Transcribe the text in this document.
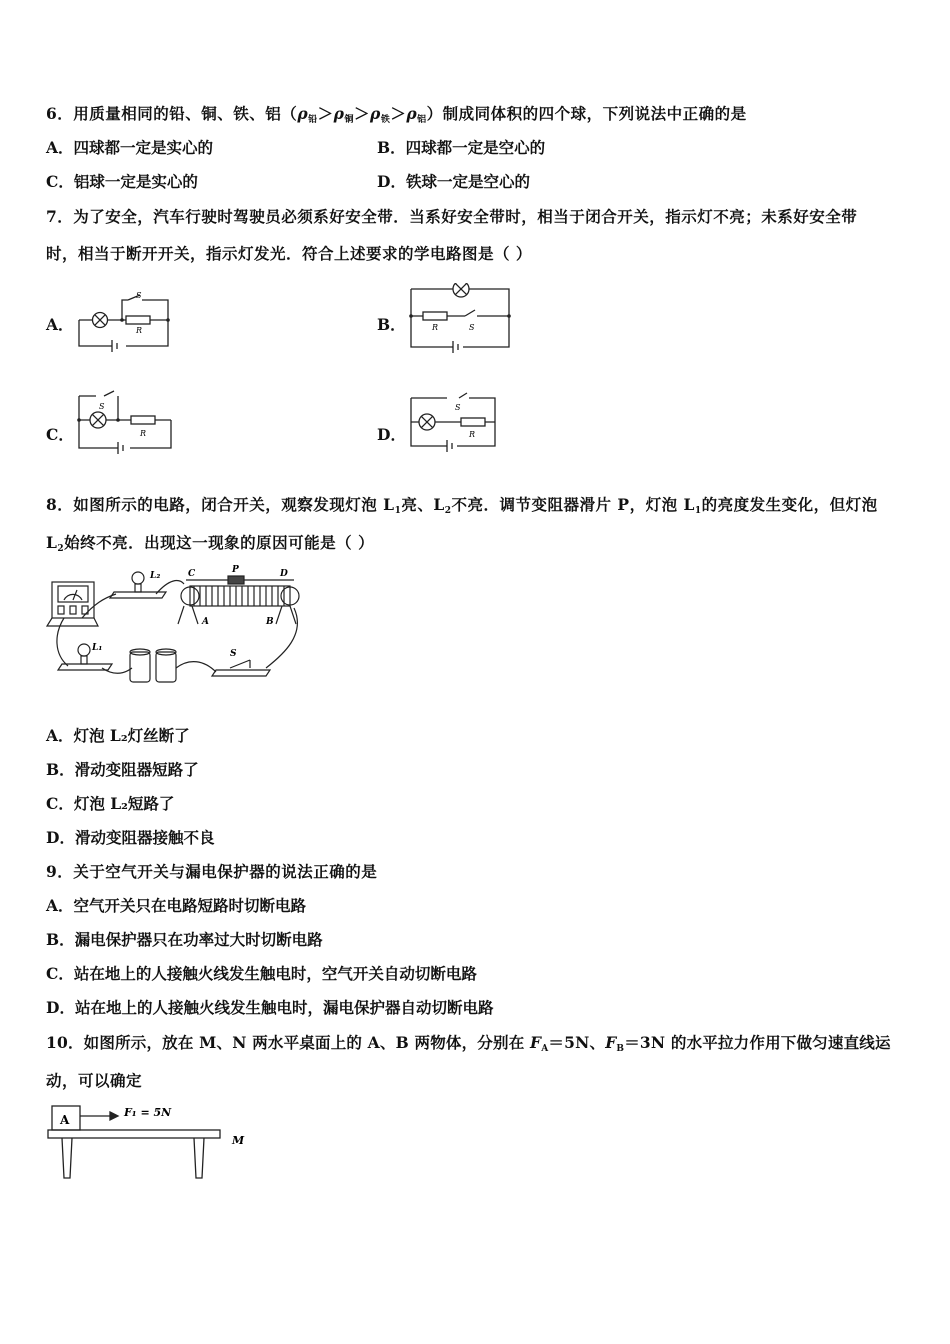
6．用质量相同的铅、铜、铁、铝$(\rho_铅>\rho_铜>\rho_铁>\rho_铝)$制成同体积的四个球，下列说法中正确的是
A．四球都一定是实心的	B．四球都一定是空心的
C．铝球一定是实心的	D．铁球一定是空心的
7．为了安全，汽车行驶时驾驶员必须系好安全带．当系好安全带时，相当于闭合开关，指示灯不亮；未系好安全带
时，相当于断开开关，指示灯发光．符合上述要求的学电路图是（ ）
A．
S
R	B．	R	S
C．
S
R	D．
S
R
8．如图所示的电路，闭合开关，观察发现灯泡 $L_1$亮、$L_2$不亮．调节变阻器滑片 P，灯泡 $L_1$的亮度发生变化，但灯泡
$L_2$始终不亮．出现这一现象的原因可能是（ ）
L₂	C	P	D
A	B
L₁
S
A．灯泡 L₂灯丝断了
B．滑动变阻器短路了
C．灯泡 L₂短路了
D．滑动变阻器接触不良
9．关于空气开关与漏电保护器的说法正确的是
A．空气开关只在电路短路时切断电路
B．漏电保护器只在功率过大时切断电路
C．站在地上的人接触火线发生触电时，空气开关自动切断电路
D．站在地上的人接触火线发生触电时，漏电保护器自动切断电路
10．如图所示，放在 M、N 两水平桌面上的 A、B 两物体，分别在 $F_A=5N$、$F_B=3N$ 的水平拉力作用下做匀速直线运
动，可以确定
A
F₁ = 5N
M
